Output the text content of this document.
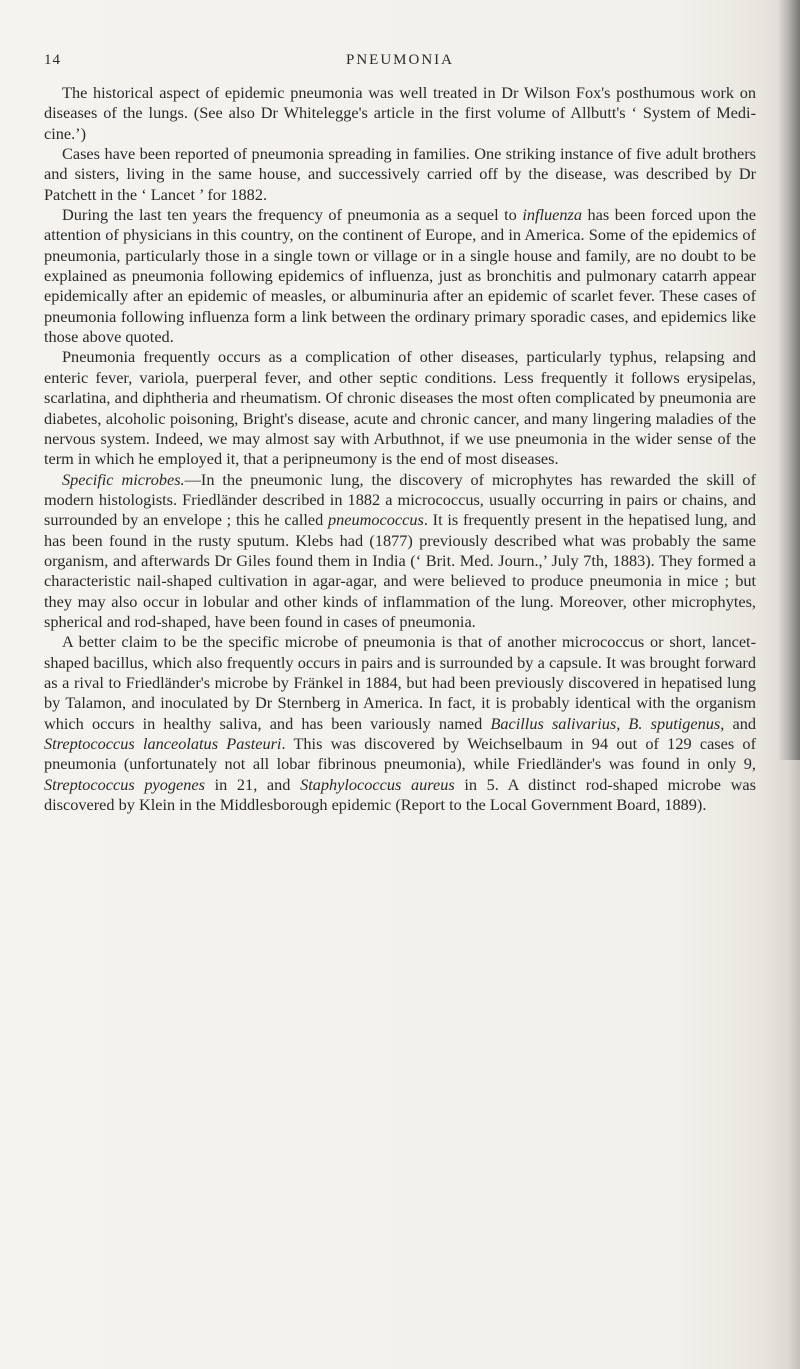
14	PNEUMONIA

The historical aspect of epidemic pneumonia was well treated in Dr Wilson Fox's posthumous work on diseases of the lungs. (See also Dr Whitelegge's article in the first volume of Allbutt's ‘ System of Medicine.’)

Cases have been reported of pneumonia spreading in families. One striking instance of five adult brothers and sisters, living in the same house, and successively carried off by the disease, was described by Dr Patchett in the ‘ Lancet ’ for 1882.

During the last ten years the frequency of pneumonia as a sequel to influenza has been forced upon the attention of physicians in this country, on the continent of Europe, and in America. Some of the epidemics of pneumonia, particularly those in a single town or village or in a single house and family, are no doubt to be explained as pneumonia following epidemics of influenza, just as bronchitis and pulmonary catarrh appear epidemically after an epidemic of measles, or albuminuria after an epidemic of scarlet fever. These cases of pneumonia following influenza form a link between the ordinary primary sporadic cases, and epidemics like those above quoted.

Pneumonia frequently occurs as a complication of other diseases, particularly typhus, relapsing and enteric fever, variola, puerperal fever, and other septic conditions. Less frequently it follows erysipelas, scarlatina, and diphtheria and rheumatism. Of chronic diseases the most often complicated by pneumonia are diabetes, alcoholic poisoning, Bright's disease, acute and chronic cancer, and many lingering maladies of the nervous system. Indeed, we may almost say with Arbuthnot, if we use pneumonia in the wider sense of the term in which he employed it, that a peripneumony is the end of most diseases.

Specific microbes.—In the pneumonic lung, the discovery of microphytes has rewarded the skill of modern histologists. Friedländer described in 1882 a micrococcus, usually occurring in pairs or chains, and surrounded by an envelope ; this he called pneumococcus. It is frequently present in the hepatised lung, and has been found in the rusty sputum. Klebs had (1877) previously described what was probably the same organism, and afterwards Dr Giles found them in India (‘ Brit. Med. Journ.,’ July 7th, 1883). They formed a characteristic nail-shaped cultivation in agar-agar, and were believed to produce pneumonia in mice ; but they may also occur in lobular and other kinds of inflammation of the lung. Moreover, other microphytes, spherical and rod-shaped, have been found in cases of pneumonia.

A better claim to be the specific microbe of pneumonia is that of another micrococcus or short, lancet-shaped bacillus, which also frequently occurs in pairs and is surrounded by a capsule. It was brought forward as a rival to Friedländer's microbe by Fränkel in 1884, but had been previously discovered in hepatised lung by Talamon, and inoculated by Dr Sternberg in America. In fact, it is probably identical with the organism which occurs in healthy saliva, and has been variously named Bacillus salivarius, B. sputigenus, and Streptococcus lanceolatus Pasteuri. This was discovered by Weichselbaum in 94 out of 129 cases of pneumonia (unfortunately not all lobar fibrinous pneumonia), while Friedländer's was found in only 9, Streptococcus pyogenes in 21, and Staphylococcus aureus in 5. A distinct rod-shaped microbe was discovered by Klein in the Middlesborough epidemic (Report to the Local Government Board, 1889).
